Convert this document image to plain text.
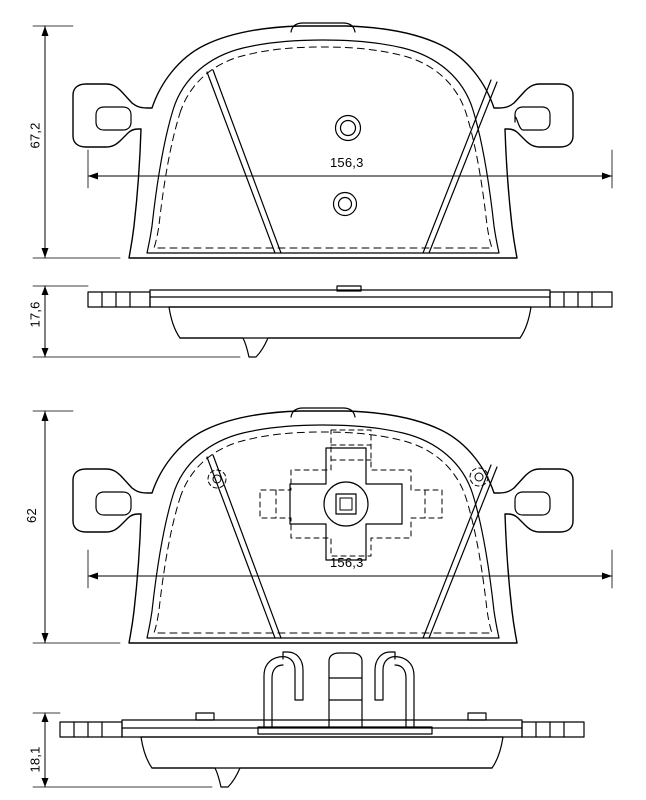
67,2
17,6
62
18,1
156,3
156,3
